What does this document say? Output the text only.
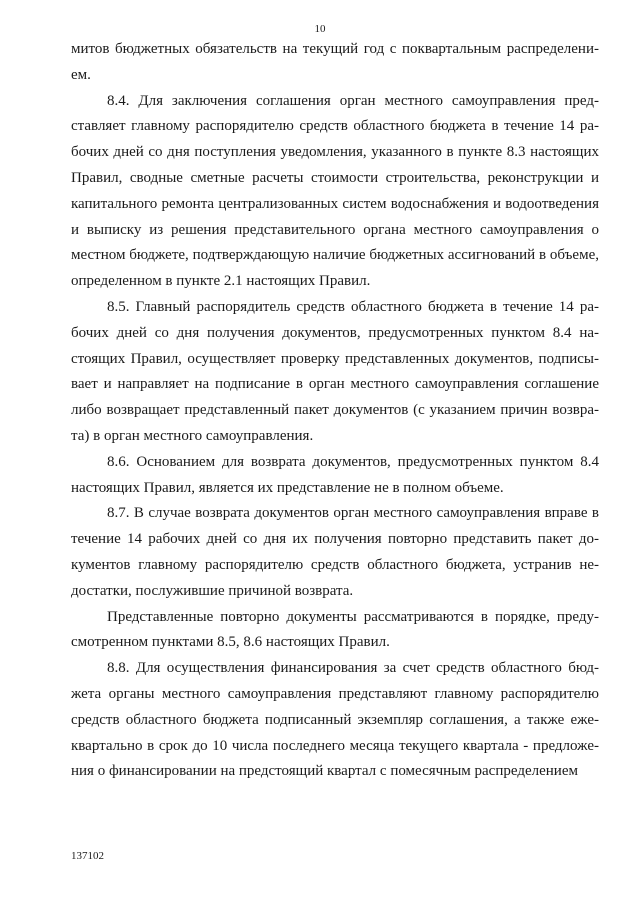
10

митов бюджетных обязательств на текущий год с поквартальным распределением.

8.4. Для заключения соглашения орган местного самоуправления представляет главному распорядителю средств областного бюджета в течение 14 рабочих дней со дня поступления уведомления, указанного в пункте 8.3 настоящих Правил, сводные сметные расчеты стоимости строительства, реконструкции и капитального ремонта централизованных систем водоснабжения и водоотведения и выписку из решения представительного органа местного самоуправления о местном бюджете, подтверждающую наличие бюджетных ассигнований в объеме, определенном в пункте 2.1 настоящих Правил.

8.5. Главный распорядитель средств областного бюджета в течение 14 рабочих дней со дня получения документов, предусмотренных пунктом 8.4 настоящих Правил, осуществляет проверку представленных документов, подписывает и направляет на подписание в орган местного самоуправления соглашение либо возвращает представленный пакет документов (с указанием причин возврата) в орган местного самоуправления.

8.6. Основанием для возврата документов, предусмотренных пунктом 8.4 настоящих Правил, является их представление не в полном объеме.

8.7. В случае возврата документов орган местного самоуправления вправе в течение 14 рабочих дней со дня их получения повторно представить пакет документов главному распорядителю средств областного бюджета, устранив недостатки, послужившие причиной возврата.

Представленные повторно документы рассматриваются в порядке, предусмотренном пунктами 8.5, 8.6 настоящих Правил.

8.8. Для осуществления финансирования за счет средств областного бюджета органы местного самоуправления представляют главному распорядителю средств областного бюджета подписанный экземпляр соглашения, а также ежеквартально в срок до 10 числа последнего месяца текущего квартала - предложения о финансировании на предстоящий квартал с помесячным распределением

137102
